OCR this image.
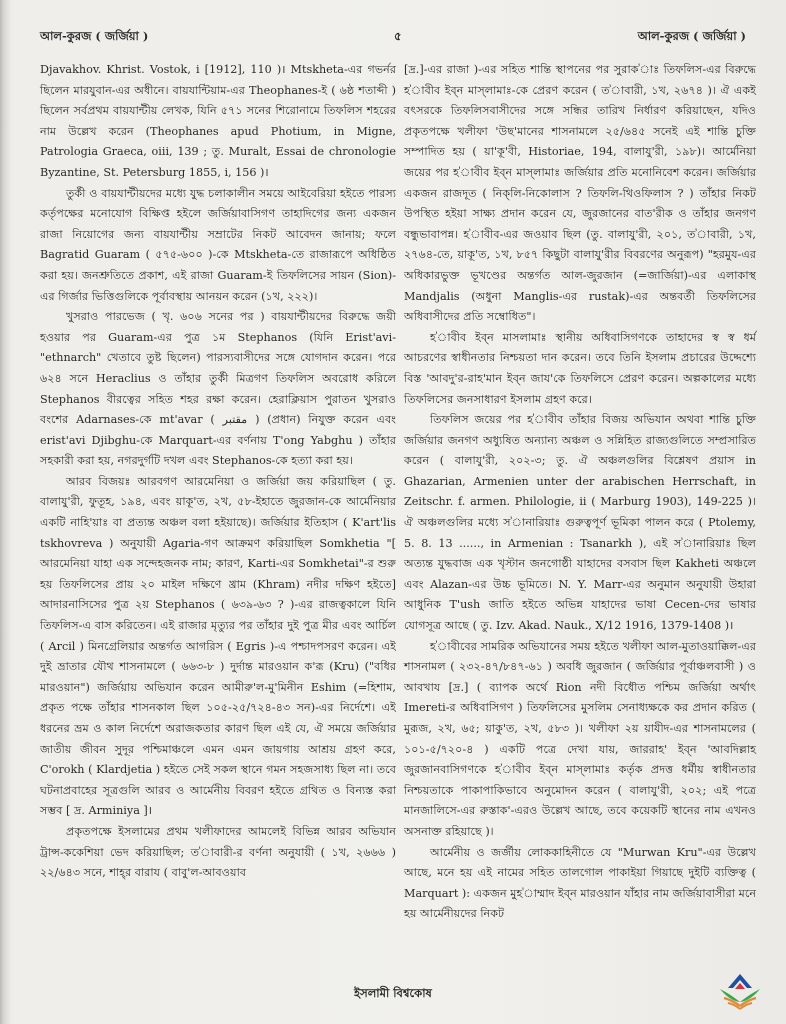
আল-কুরজ ( জর্জিয়া )	৫	আল-কুরজ ( জর্জিয়া )

Djavakhov. Khrist. Vostok, i [1912], 110 )। Mtskheta-এর গভর্নর ছিলেন মারযুবান-এর অধীনে। বায়যান্টিয়াম-এর Theophanes-ই ( ৬ষ্ঠ শতাব্দী ) ছিলেন সর্বপ্রথম বায়যান্টীয় লেখক, যিনি ৫৭১ সনের শিরোনামে তিফলিস শহরের নাম উল্লেখ করেন (Theophanes apud Photium, in Migne, Patrologia Graeca, oiii, 139 ; তু. Muralt, Essai de chronologie Byzantine, St. Petersburg 1855, i, 156 )।

তুর্কী ও বায়যান্টীয়দের মধ্যে যুদ্ধ চলাকালীন সময়ে আইবেরিয়া হইতে পারস্য কর্তৃপক্ষের মনোযোগ বিক্ষিপ্ত হইলে জর্জিয়াবাসিগণ তাহাদিগের জন্য একজন রাজা নিয়োগের জন্য বায়যান্টীয় সম্রাটের নিকট আবেদন জানায়; ফলে Bagratid Guaram ( ৫৭৫-৬০০ )-কে Mtskheta-তে রাজারূপে অধিষ্ঠিত করা হয়। জনশ্রুতিতে প্রকাশ, এই রাজা Guaram-ই তিফলিসের সায়ন (Sion)-এর গির্জার ভিত্তিগুলিকে পূর্বাবস্থায় আনয়ন করেন (১খ, ২২২)।

খুসরাও পারভেজ ( খৃ. ৬০৬ সনের পর ) বায়যান্টীয়দের বিরুদ্ধে জয়ী হওয়ার পর Guaram-এর পুত্র ১ম Stephanos (যিনি Erist'avi-"ethnarch" খেতাবে তুষ্ট ছিলেন) পারস্যবাসীদের সঙ্গে যোগদান করেন। পরে ৬২৪ সনে Heraclius ও তাঁহার তুর্কী মিত্রগণ তিফলিস অবরোধ করিলে Stephanos বীরত্বের সহিত শহর রক্ষা করেন। হেরাক্লিয়াস পুরাতন খুসরাও বংশের Adarnases-কে mt'avar ( مقتبر ) (প্রধান) নিযুক্ত করেন এবং erist'avi Djibghu-কে Marquart-এর বর্ণনায় T'ong Yabghu ) তাঁহার সহকারী করা হয়, নগরদুর্গটি দখল এবং Stephanos-কে হত্যা করা হয়।

আরব বিজয়ঃ আরবগণ আরমেনিয়া ও জর্জিয়া জয় করিয়াছিল ( তু. বালাযু'রী, ফুতূহ, ১৯৪, এবং য়াকূ'ত, ২খ, ৫৮-ইহাতে জুরজান-কে আর্মেনিয়ার একটি নাহি'য়াঃ বা প্রত্যন্ত অঞ্চল বলা হইয়াছে)। জর্জিয়ার ইতিহাস ( K'art'lis tskhovreva ) অনুযায়ী Agaria-গণ আক্রমণ করিয়াছিল Somkhetia "[ আরমেনিয়া যাহা এক সন্দেহজনক নাম; কারণ, Karti-এর Somkhetai"-র শুরু হয় তিফলিসের প্রায় ২০ মাইল দক্ষিণে খ্রাম (Khram) নদীর দক্ষিণ হইতে] আদারনাসিসের পুত্র ২য় Stephanos ( ৬৩৯-৬৩ ? )-এর রাজত্বকালে যিনি তিফলিস-এ বাস করিতেন। এই রাজার মৃত্যুর পর তাঁহার দুই পুত্র মীর এবং আর্চিল ( Arcil ) মিনগ্রেলিয়ার অন্তর্গত আগরিস ( Egris )-এ পশ্চাদপসরণ করেন। এই দুই ভ্রাতার যৌথ শাসনামলে ( ৬৬৩-৮ ) দুর্দান্ত মারওয়ান ক'রূ (Kru) ("বধির মারওয়ান") জর্জিয়ায় অভিযান করেন আমীরু'ল-মু'মিনীন Eshim (=হিশাম, প্রকৃত পক্ষে তাঁহার শাসনকাল ছিল ১০৫-২৫/৭২৪-৪৩ সন)-এর নির্দেশে। এই ধরনের ভ্রম ও কাল নির্দেশে অরাজকতার কারণ ছিল এই যে, ঐ সময়ে জর্জিয়ার জাতীয় জীবন সুদূর পশ্চিমাঞ্চলে এমন এমন জায়গায় আশ্রয় গ্রহণ করে, C'orokh ( Klardjetia ) হইতে সেই সকল স্থানে গমন সহজসাধ্য ছিল না। তবে ঘটনাপ্রবাহের সূত্রগুলি আরব ও আর্মেনীয় বিবরণ হইতে গ্রথিত ও বিন্যস্ত করা সম্ভব [ দ্র. Arminiya ]।

প্রকৃতপক্ষে ইসলামের প্রথম খলীফাদের আমলেই বিভিন্ন আরব অভিযান ট্রান্স-ককেশিয়া ভেদ করিয়াছিল; ত'াবারী-র বর্ণনা অনুযায়ী ( ১খ, ২৬৬৬ ) ২২/৬৪৩ সনে, শাহ্‌র বারায ( বাবু'ল-আবওয়াব

[দ্র.]-এর রাজা )-এর সহিত শান্তি স্থাপনের পর সুরাক'াঃ তিফলিস-এর বিরুদ্ধে হ'াবীব ইব্‌ন মাস্‌লামাঃ-কে প্রেরণ করেন ( ত'াবারী, ১খ, ২৬৭৪ )। ঐ একই বৎসরকে তিফলিসবাসীদের সঙ্গে সন্ধির তারিখ নির্ধারণ করিয়াছেন, যদিও প্রকৃতপক্ষে খলীফা 'উছ'মানের শাসনামলে ২৫/৬৪৫ সনেই এই শান্তি চুক্তি সম্পাদিত হয় ( য়া'কূ'বী, Historiae, 194, বালাযু'রী, ১৯৮)। আর্মেনিয়া জয়ের পর হ'াবীব ইব্‌ন মাস্‌লামাঃ জর্জিয়ার প্রতি মনোনিবেশ করেন। জর্জিয়ার একজন রাজদূত ( নিক্‌লি-নিকোলাস ? তিফলি-থিওফিলাস ? ) তাঁহার নিকট উপস্থিত হইয়া সাক্ষ্য প্রদান করেন যে, জুরজানের বাত'রীক ও তাঁহার জনগণ বন্ধুভাবাপন্ন। হ'াবীব-এর জওয়াব ছিল (তু. বালাযু'রী, ২০১, ত'াবারী, ১খ, ২৭৬৪-তে, য়াকূ'ত, ১খ, ৮৫৭ কিছুটা বালাযু'রীর বিবরণের অনুরূপ) "হরমুয-এর অধিকারভুক্ত ভূখণ্ডের অন্তর্গত আল-জুরজান (=জার্জিয়া)-এর এলাকাস্থ Mandjalis (অধুনা Manglis-এর rustak)-এর অন্তবর্তী তিফলিসের অধিবাসীদের প্রতি সম্বোধিত"।

হ'াবীব ইব্‌ন মাসলামাঃ স্থানীয় অধিবাসিগণকে তাহাদের স্ব স্ব ধর্ম আচরণের স্বাধীনতার নিশ্চয়তা দান করেন। তবে তিনি ইসলাম প্রচারের উদ্দেশ্যে বিস্ত 'আবদু'র-রাহ'মান ইব্‌ন জায'কে তিফলিসে প্রেরণ করেন। অল্পকালের মধ্যে তিফলিসের জনসাধারণ ইসলাম গ্রহণ করে।

তিফলিস জয়ের পর হ'াবীব তাঁহার বিজয় অভিযান অথবা শান্তি চুক্তি জর্জিয়ার জনগণ অধ্যুষিত অন্যান্য অঞ্চল ও সন্নিহিত রাজ্যগুলিতে সম্প্রসারিত করেন ( বালাযু'রী, ২০২-৩; তু. ঐ অঞ্চলগুলির বিশ্লেষণ প্রয়াস in Ghazarian, Armenien unter der arabischen Herrschaft, in Zeitschr. f. armen. Philologie, ii ( Marburg 1903), 149-225 )। ঐ অঞ্চলগুলির মধ্যে স'ানারিয়াঃ গুরুত্বপূর্ণ ভূমিকা পালন করে ( Ptolemy, 5. 8. 13 ......, in Armenian : Tsanarkh ), এই স'ানারিয়াঃ ছিল অত্যন্ত যুদ্ধবাজ এক খৃস্টান জনগোষ্ঠী যাহাদের বসবাস ছিল Kakheti অঞ্চলে এবং Alazan-এর উচ্চ ভূমিতে। N. Y. Marr-এর অনুমান অনুযায়ী উহারা আধুনিক T'ush জাতি হইতে অভিন্ন যাহাদের ভাষা Cecen-দের ভাষার যোগসূত্র আছে ( তু. Izv. Akad. Nauk., X/12 1916, 1379-1408 )।

হ'াবীবের সামরিক অভিযানের সময় হইতে খলীফা আল-মুতাওয়াক্কিল-এর শাসনামল ( ২৩২-৪৭/৮৪৭-৬১ ) অবধি জুরজান ( জর্জিয়ার পূর্বাঞ্চলবাসী ) ও আবখায [দ্র.] ( ব্যাপক অর্থে Rion নদী বিধৌত পশ্চিম জর্জিয়া অর্থাৎ Imereti-র অধিবাসিগণ ) তিফলিসের মুসলিম সেনাধ্যক্ষকে কর প্রদান করিত ( মুরূজ, ২খ, ৬৫; য়াকু'ত, ২খ, ৫৮৩ )। খলীফা ২য় য়াযীদ-এর শাসনামলের ( ১০১-৫/৭২০-৪ ) একটি পত্রে দেখা যায়, জাররাহ' ইব্‌ন 'আবদিল্লাহ জুরজানবাসিগণকে হ'াবীব ইব্‌ন মাস্‌লামাঃ কর্তৃক প্রদত্ত ধর্মীয় স্বাধীনতার নিশ্চয়তাকে পাকাপাকিভাবে অনুমোদন করেন ( বালাযু'রী, ২০২; এই পত্রে মানজালিসে-এর রুস্তাক'-এরও উল্লেখ আছে, তবে কয়েকটি স্থানের নাম এখনও অসনাক্ত রহিয়াছে )।

আর্মেনীয় ও জর্জীয় লোককাহিনীতে যে "Murwan Kru"-এর উল্লেখ আছে, মনে হয় এই নামের সহিত তালগোল পাকাইয়া গিয়াছে দুইটি ব্যক্তিত্ব ( Marquart ): একজন মুহ'াম্মাদ ইব্‌ন মারওয়ান যাঁহার নাম জর্জিয়াবাসীরা মনে হয় আর্মেনীয়দের নিকট

ইসলামী বিশ্বকোষ
